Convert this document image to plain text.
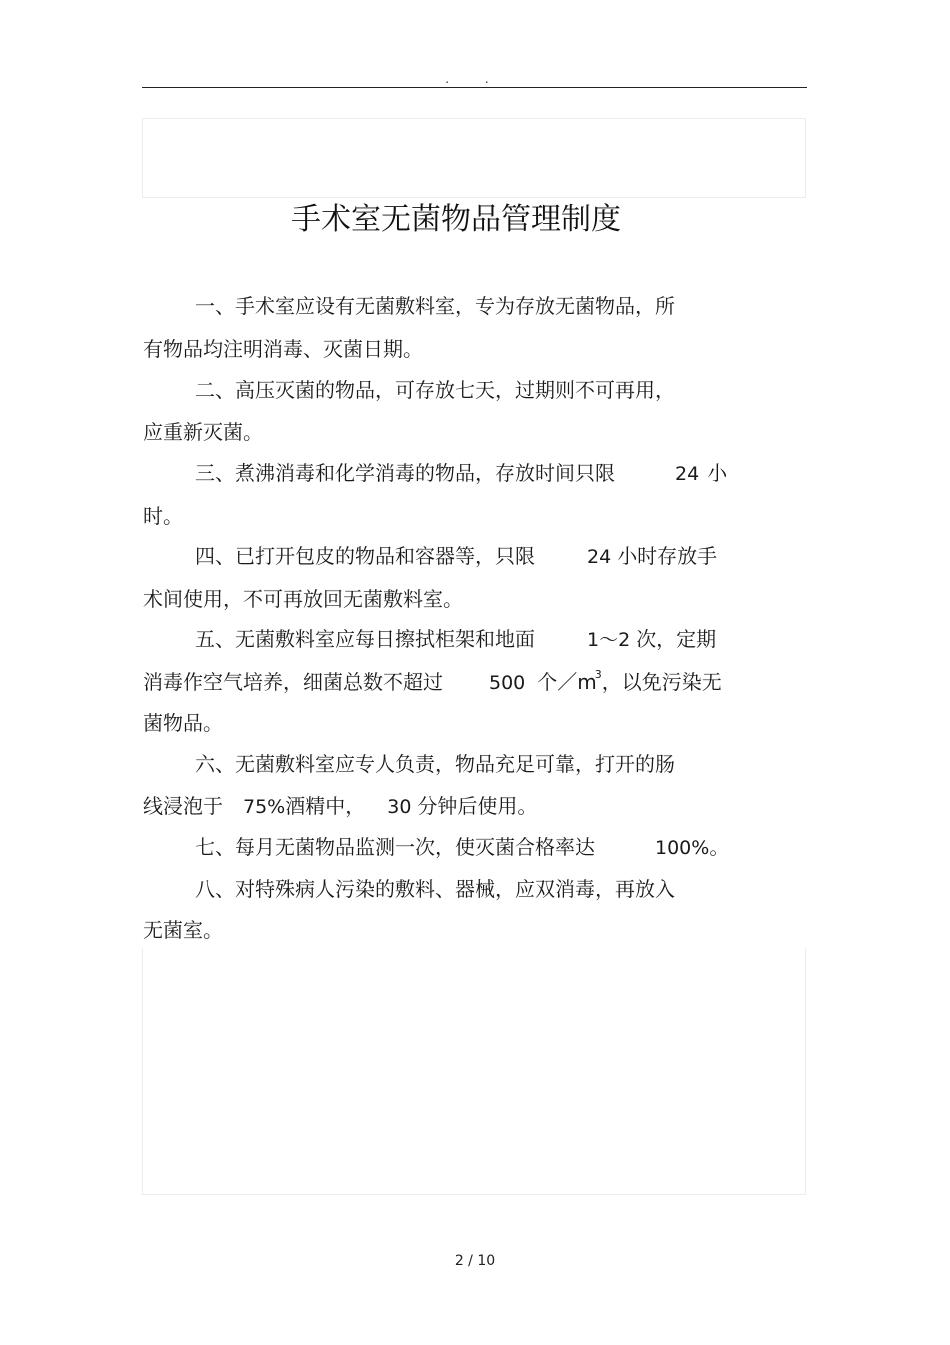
. .
手术室无菌物品管理制度
一、手术室应设有无菌敷料室，专为存放无菌物品，所
有物品均注明消毒、灭菌日期。
二、高压灭菌的物品，可存放七天，过期则不可再用，
应重新灭菌。
三、煮沸消毒和化学消毒的物品，存放时间只限	24 小
时。
四、已打开包皮的物品和容器等，只限	24 小时存放手
术间使用，不可再放回无菌敷料室。
五、无菌敷料室应每日擦拭柜架和地面	1～2 次，定期
消毒作空气培养，细菌总数不超过 500 个$/m^3$，以免污染无
菌物品。
六、无菌敷料室应专人负责，物品充足可靠，打开的肠
线浸泡于 75%酒精中， 30 分钟后使用。
七、每月无菌物品监测一次，使灭菌合格率达	100%。
八、对特殊病人污染的敷料、器械，应双消毒，再放入
无菌室。
2 / 10
